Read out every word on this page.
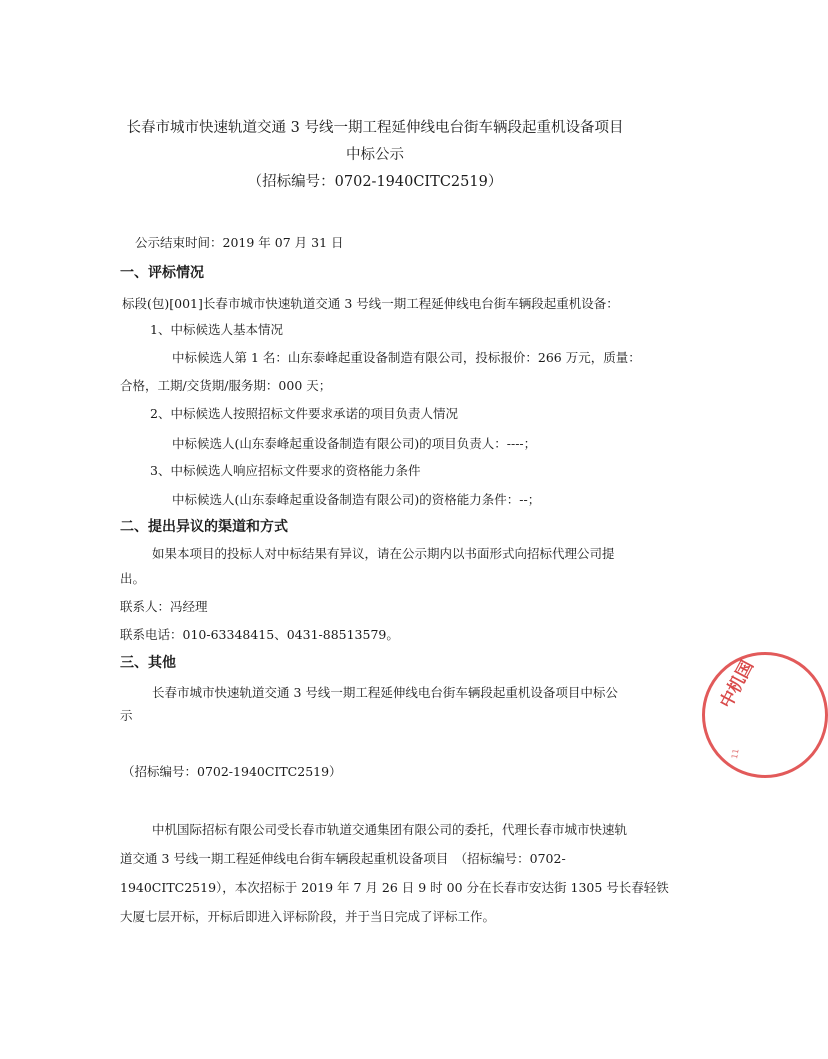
长春市城市快速轨道交通 3 号线一期工程延伸线电台街车辆段起重机设备项目
中标公示
（招标编号：0702-1940CITC2519）
公示结束时间：2019 年 07 月 31 日
一、评标情况
标段(包)[001]长春市城市快速轨道交通 3 号线一期工程延伸线电台街车辆段起重机设备：
1、中标候选人基本情况
中标候选人第 1 名：山东泰峰起重设备制造有限公司，投标报价：266 万元，质量：
合格，工期/交货期/服务期：000 天；
2、中标候选人按照招标文件要求承诺的项目负责人情况
中标候选人(山东泰峰起重设备制造有限公司)的项目负责人：----；
3、中标候选人响应招标文件要求的资格能力条件
中标候选人(山东泰峰起重设备制造有限公司)的资格能力条件：--；
二、提出异议的渠道和方式
如果本项目的投标人对中标结果有异议，请在公示期内以书面形式向招标代理公司提
出。
联系人：冯经理
联系电话：010-63348415、0431-88513579。
三、其他
长春市城市快速轨道交通 3 号线一期工程延伸线电台街车辆段起重机设备项目中标公
示
（招标编号：0702-1940CITC2519）
中机国际招标有限公司受长春市轨道交通集团有限公司的委托，代理长春市城市快速轨
道交通 3 号线一期工程延伸线电台街车辆段起重机设备项目　（招标编号：0702-
1940CITC2519），本次招标于 2019 年 7 月 26 日 9 时 00 分在长春市安达街 1305 号长春轻铁
大厦七层开标，开标后即进入评标阶段，并于当日完成了评标工作。
中机国
11
